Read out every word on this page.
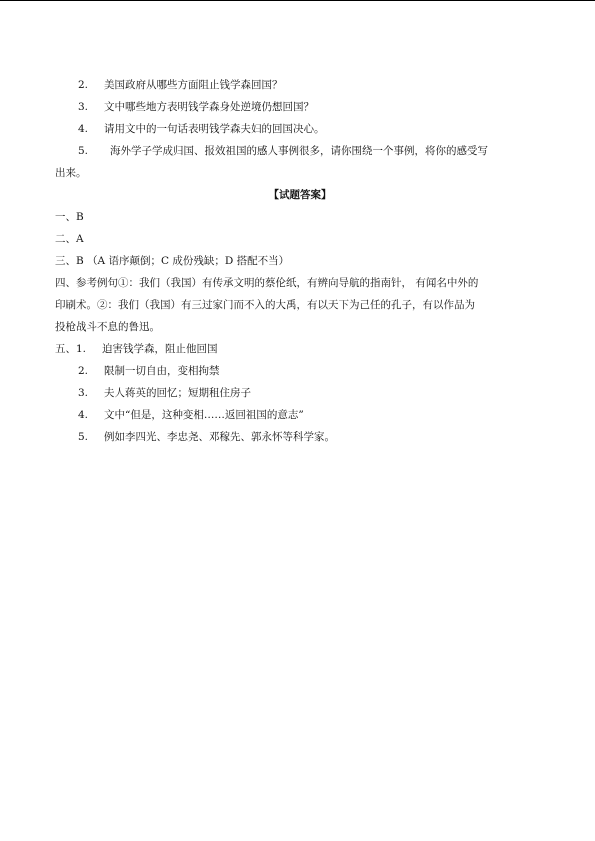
2. 美国政府从哪些方面阻止钱学森回国？

3. 文中哪些地方表明钱学森身处逆境仍想回国？

4. 请用文中的一句话表明钱学森夫妇的回国决心。

5. 海外学子学成归国、报效祖国的感人事例很多，请你围绕一个事例，将你的感受写

出来。

【试题答案】

一、B

二、A

三、B （A 语序颠倒；C 成份残缺；D 搭配不当）

四、参考例句①：我们（我国）有传承文明的蔡伦纸，有辨向导航的指南针， 有闻名中外的

印刷术。②：我们（我国）有三过家门而不入的大禹，有以天下为己任的孔子，有以作品为

投枪战斗不息的鲁迅。

五、1. 迫害钱学森，阻止他回国

2. 限制一切自由，变相拘禁

3. 夫人蒋英的回忆；短期租住房子

4. 文中“但是，这种变相……返回祖国的意志”

5. 例如李四光、李忠尧、邓稼先、郭永怀等科学家。
